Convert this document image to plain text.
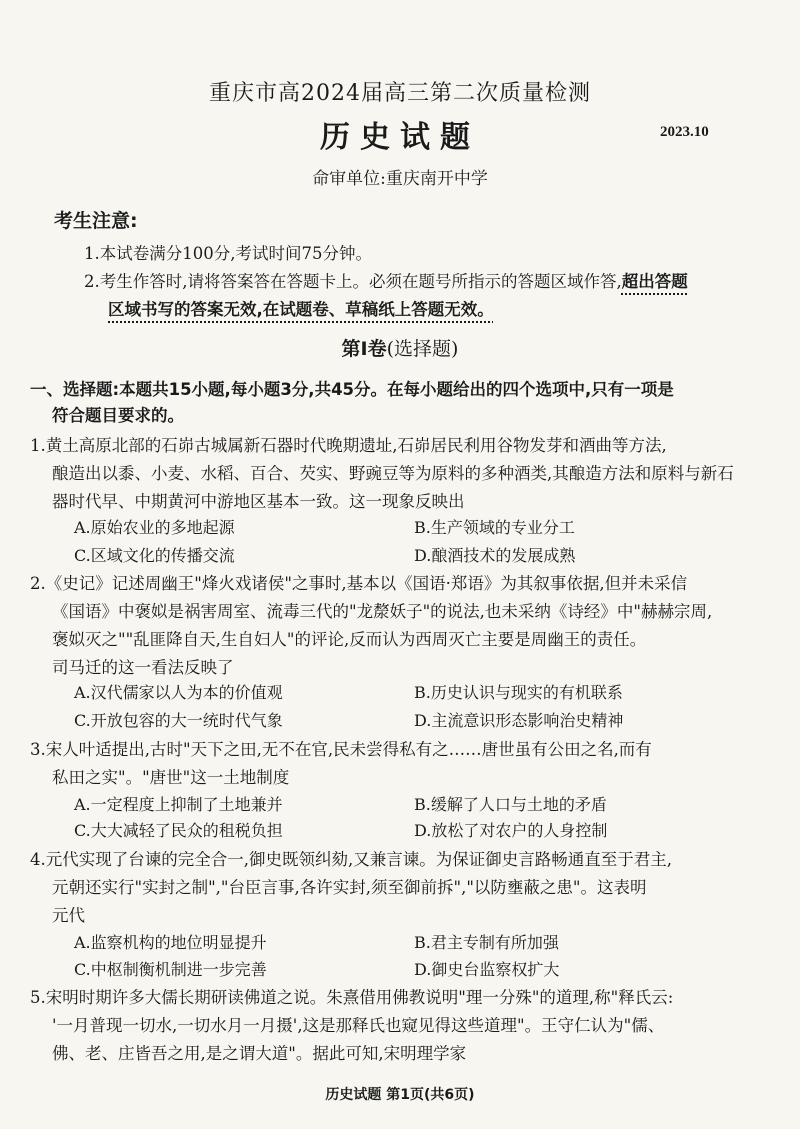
重庆市高2024届高三第二次质量检测
历史试题	2023.10
命审单位:重庆南开中学
考生注意:
1.本试卷满分100分,考试时间75分钟。
2.考生作答时,请将答案答在答题卡上。必须在题号所指示的答题区域作答,超出答题
区域书写的答案无效,在试题卷、草稿纸上答题无效。
第Ⅰ卷(选择题)
一、选择题:本题共15小题,每小题3分,共45分。在每小题给出的四个选项中,只有一项是
符合题目要求的。
1.黄土高原北部的石峁古城属新石器时代晚期遗址,石峁居民利用谷物发芽和酒曲等方法,
酿造出以黍、小麦、水稻、百合、芡实、野豌豆等为原料的多种酒类,其酿造方法和原料与新石
器时代早、中期黄河中游地区基本一致。这一现象反映出
A.原始农业的多地起源	B.生产领域的专业分工
C.区域文化的传播交流	D.酿酒技术的发展成熟
2.《史记》记述周幽王"烽火戏诸侯"之事时,基本以《国语·郑语》为其叙事依据,但并未采信
《国语》中褒姒是祸害周室、流毒三代的"龙漦妖子"的说法,也未采纳《诗经》中"赫赫宗周,
褒姒灭之""乱匪降自天,生自妇人"的评论,反而认为西周灭亡主要是周幽王的责任。
司马迁的这一看法反映了
A.汉代儒家以人为本的价值观	B.历史认识与现实的有机联系
C.开放包容的大一统时代气象	D.主流意识形态影响治史精神
3.宋人叶适提出,古时"天下之田,无不在官,民未尝得私有之……唐世虽有公田之名,而有
私田之实"。"唐世"这一土地制度
A.一定程度上抑制了土地兼并	B.缓解了人口与土地的矛盾
C.大大减轻了民众的租税负担	D.放松了对农户的人身控制
4.元代实现了台谏的完全合一,御史既领纠劾,又兼言谏。为保证御史言路畅通直至于君主,
元朝还实行"实封之制","台臣言事,各许实封,须至御前拆","以防壅蔽之患"。这表明
元代
A.监察机构的地位明显提升	B.君主专制有所加强
C.中枢制衡机制进一步完善	D.御史台监察权扩大
5.宋明时期许多大儒长期研读佛道之说。朱熹借用佛教说明"理一分殊"的道理,称"释氏云:
'一月普现一切水,一切水月一月摄',这是那释氏也窥见得这些道理"。王守仁认为"儒、
佛、老、庄皆吾之用,是之谓大道"。据此可知,宋明理学家
历史试题 第1页(共6页)
